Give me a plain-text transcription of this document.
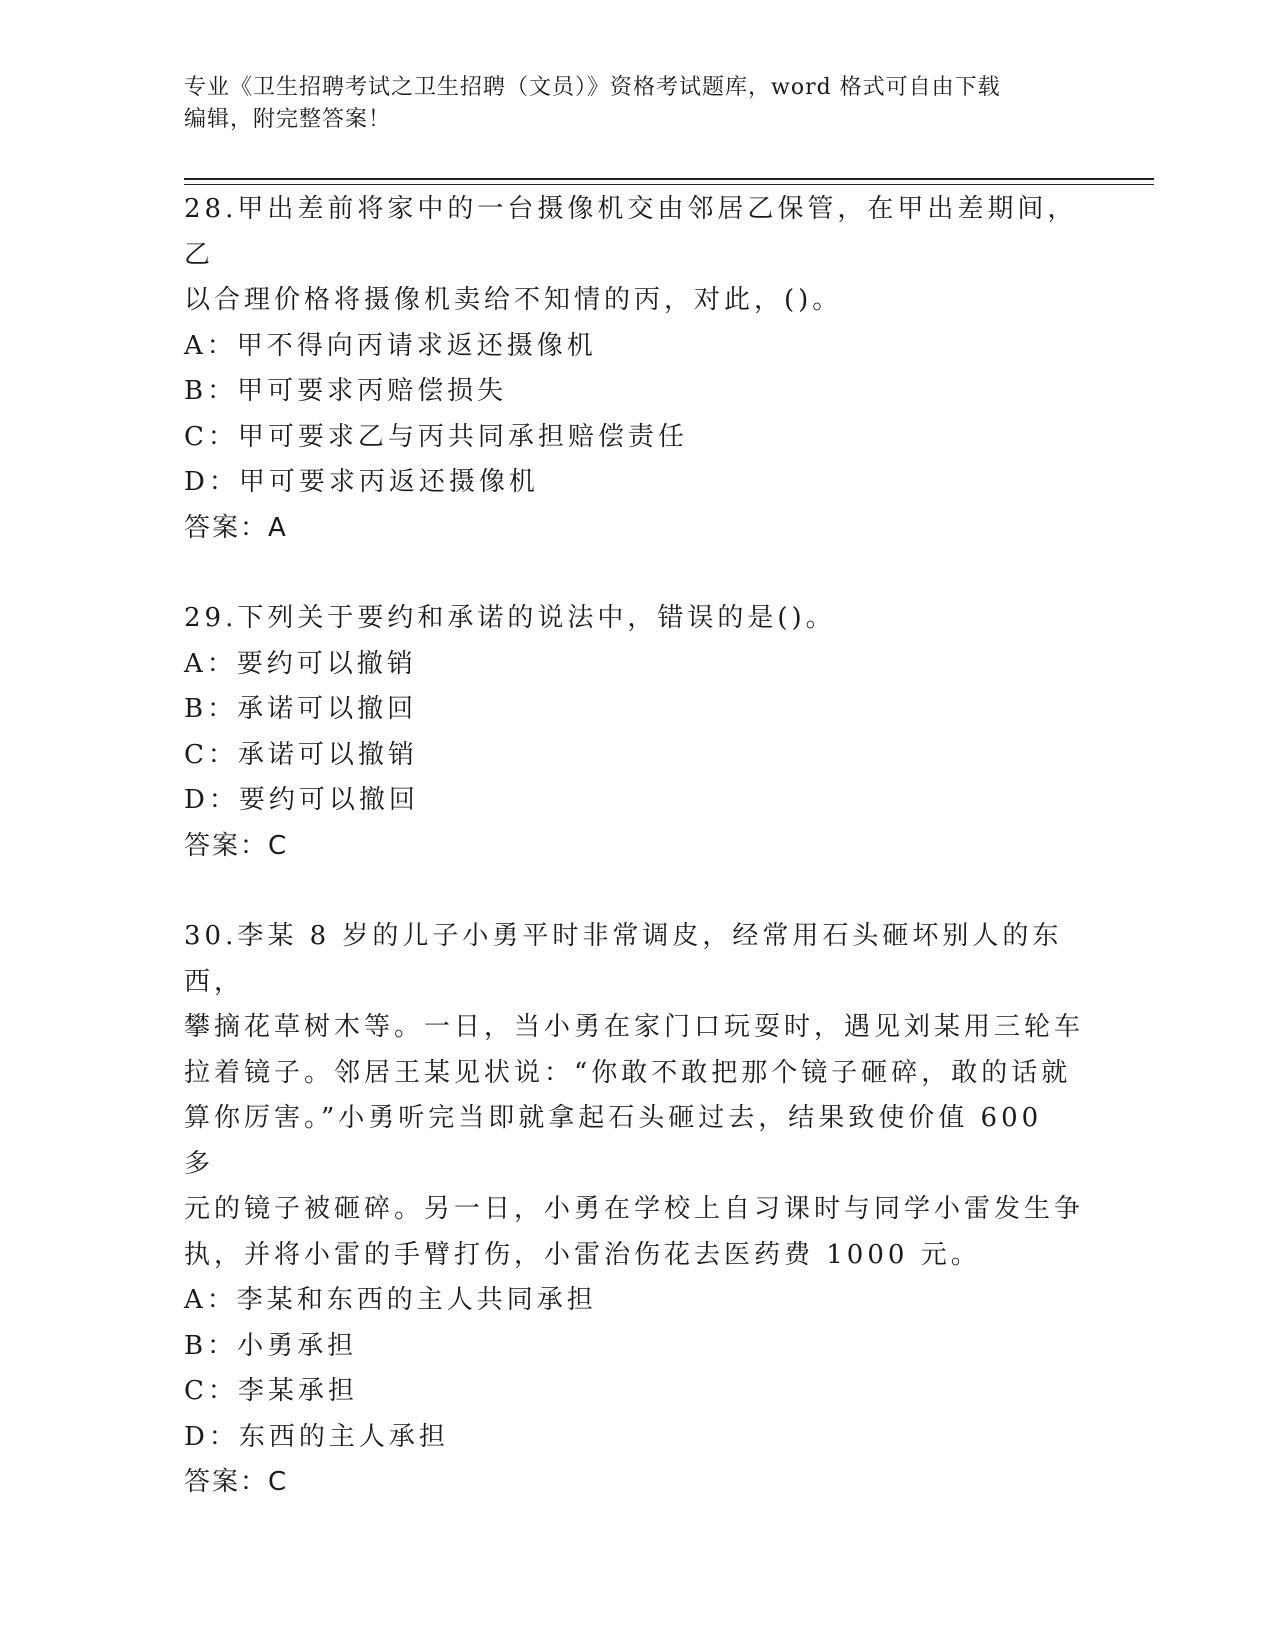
专业《卫生招聘考试之卫生招聘（文员）》资格考试题库，word 格式可自由下载
编辑，附完整答案！

28.甲出差前将家中的一台摄像机交由邻居乙保管，在甲出差期间，乙

以合理价格将摄像机卖给不知情的丙，对此，()。

A：甲不得向丙请求返还摄像机

B：甲可要求丙赔偿损失

C：甲可要求乙与丙共同承担赔偿责任

D：甲可要求丙返还摄像机

答案：A

29.下列关于要约和承诺的说法中，错误的是()。

A：要约可以撤销

B：承诺可以撤回

C：承诺可以撤销

D：要约可以撤回

答案：C

30.李某 8 岁的儿子小勇平时非常调皮，经常用石头砸坏别人的东西，

攀摘花草树木等。一日，当小勇在家门口玩耍时，遇见刘某用三轮车

拉着镜子。邻居王某见状说：“你敢不敢把那个镜子砸碎，敢的话就

算你厉害。”小勇听完当即就拿起石头砸过去，结果致使价值 600 多

元的镜子被砸碎。另一日，小勇在学校上自习课时与同学小雷发生争

执，并将小雷的手臂打伤，小雷治伤花去医药费 1000 元。

A：李某和东西的主人共同承担

B：小勇承担

C：李某承担

D：东西的主人承担

答案：C
